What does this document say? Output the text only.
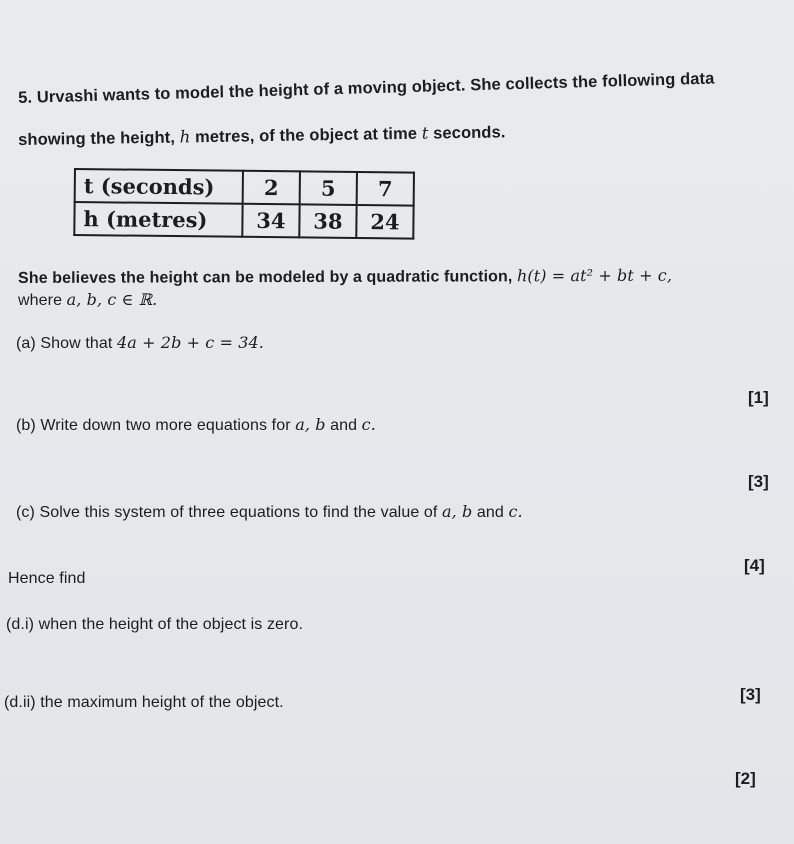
5. Urvashi wants to model the height of a moving object. She collects the following data
showing the height, h metres, of the object at time t seconds.
t (seconds)	2	5	7
h (metres)	34	38	24
She believes the height can be modeled by a quadratic function, h(t) = at² + bt + c,
where a, b, c ∈ ℝ.
(a) Show that 4a + 2b + c = 34.
[1]
(b) Write down two more equations for a, b and c.
[3]
(c) Solve this system of three equations to find the value of a, b and c.
[4]
Hence find
(d.i) when the height of the object is zero.
[3]
(d.ii) the maximum height of the object.
[2]
